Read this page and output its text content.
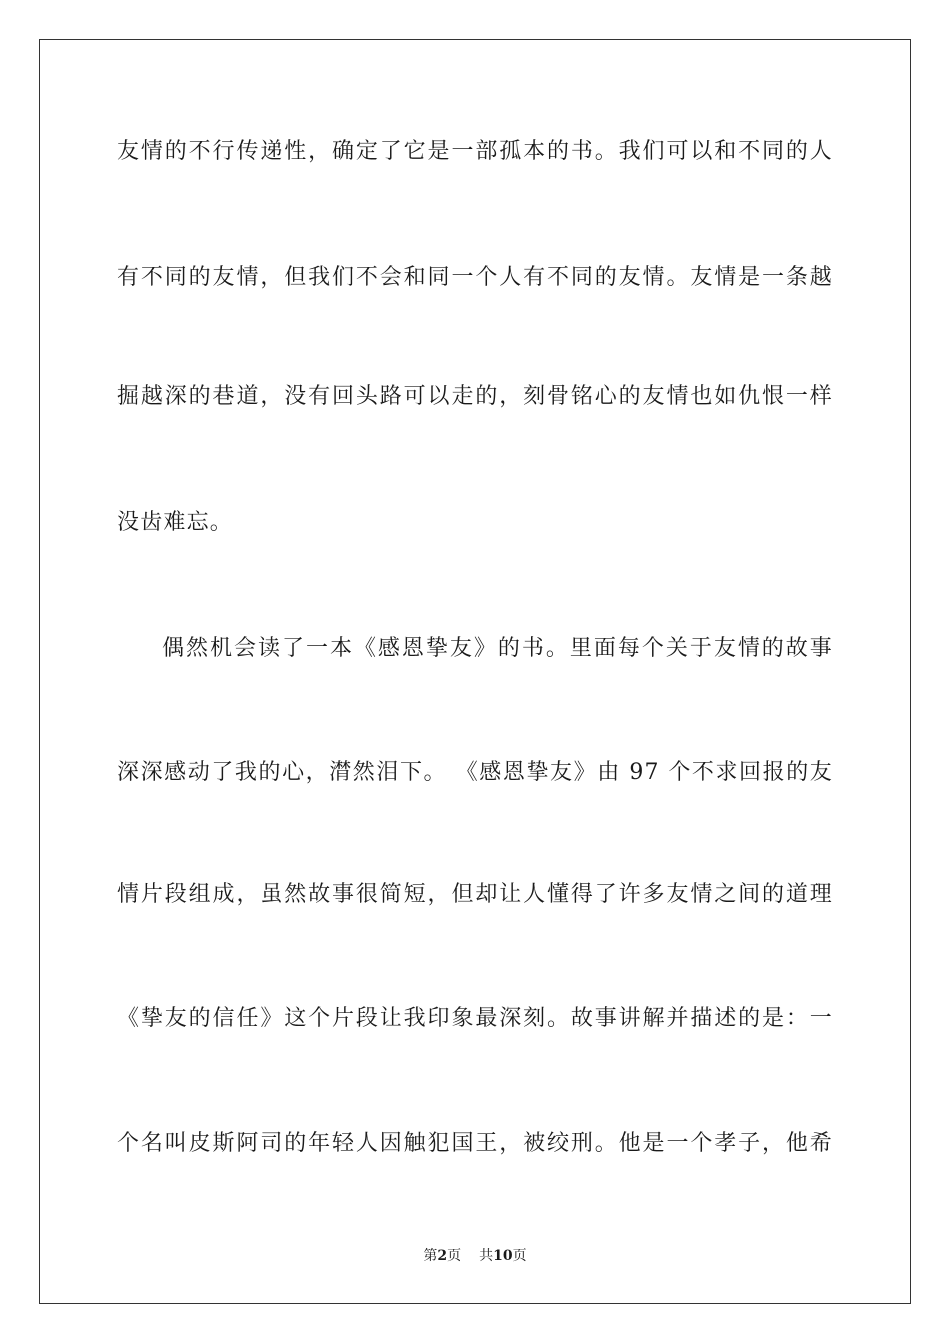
友情的不行传递性，确定了它是一部孤本的书。我们可以和不同的人
有不同的友情，但我们不会和同一个人有不同的友情。友情是一条越
掘越深的巷道，没有回头路可以走的，刻骨铭心的友情也如仇恨一样
没齿难忘。
偶然机会读了一本《感恩挚友》的书。里面每个关于友情的故事
深深感动了我的心，潸然泪下。 《感恩挚友》由 97 个不求回报的友
情片段组成，虽然故事很简短，但却让人懂得了许多友情之间的道理
《挚友的信任》这个片段让我印象最深刻。故事讲解并描述的是：一
个名叫皮斯阿司的年轻人因触犯国王，被绞刑。他是一个孝子，他希
第2页 共10页
